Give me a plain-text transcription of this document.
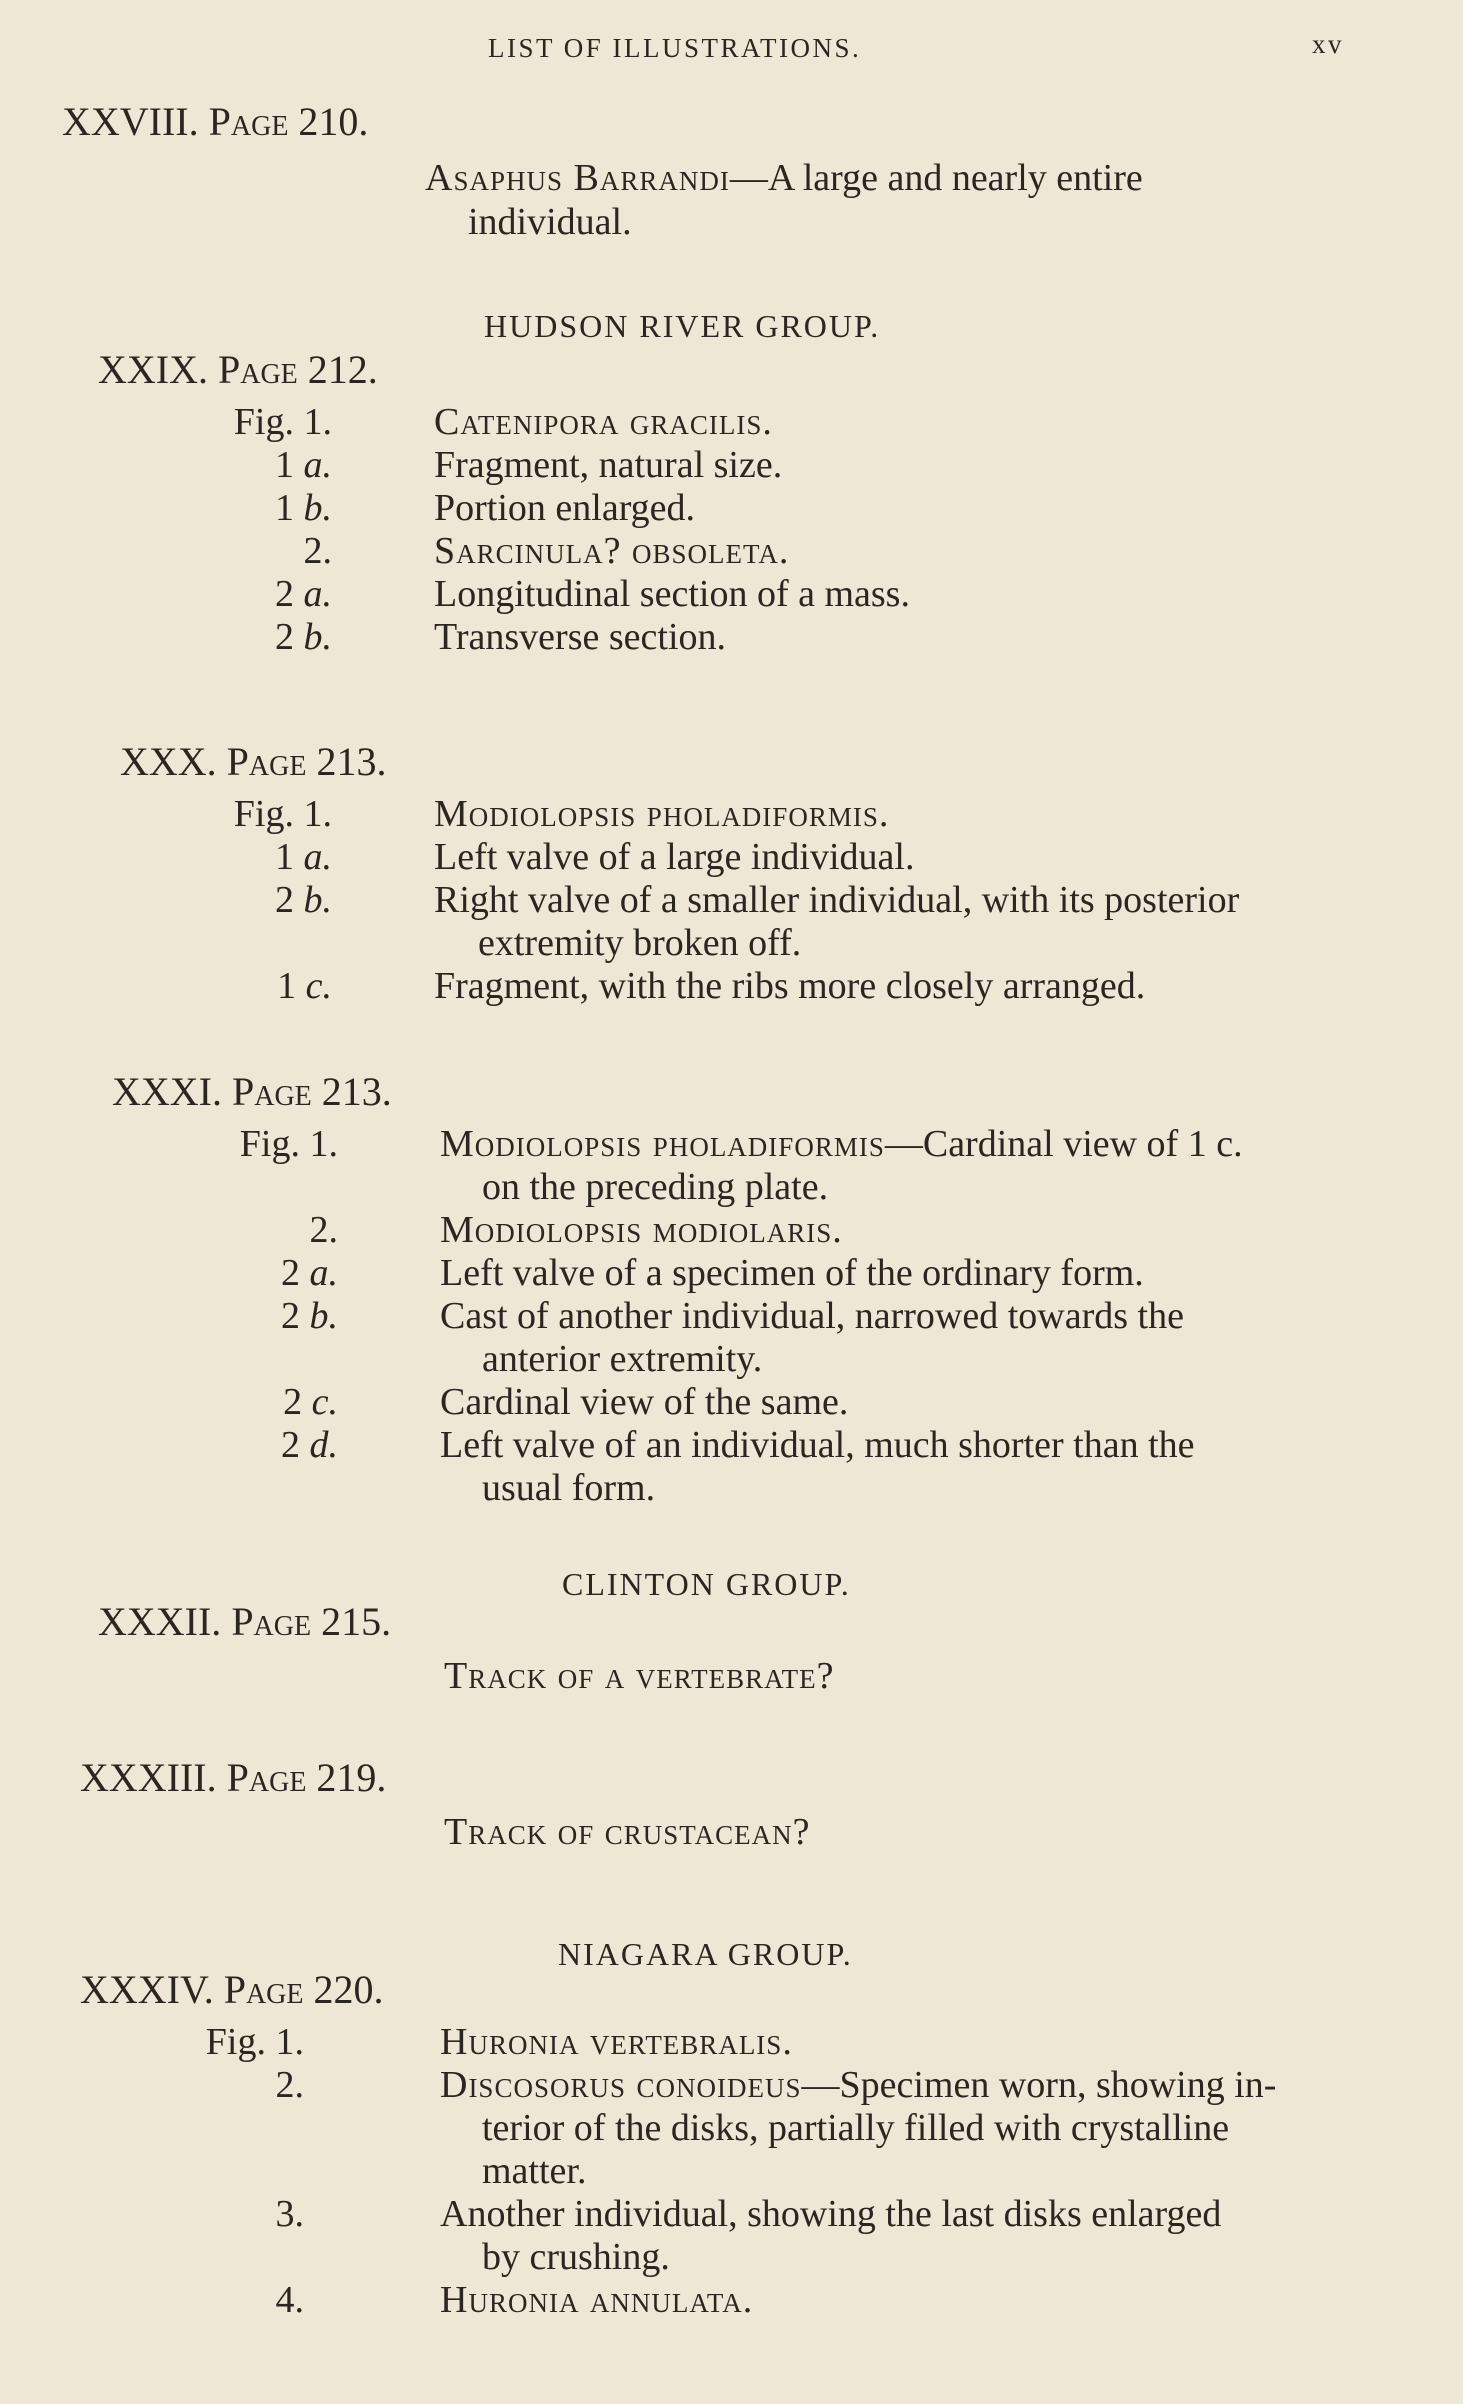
LIST OF ILLUSTRATIONS.	xv
XXVIII. Page 210.
Asaphus Barrandi—A large and nearly entire
individual.
HUDSON RIVER GROUP.
XXIX. Page 212.
Fig. 1.	Catenipora gracilis.
1 a.	Fragment, natural size.
1 b.	Portion enlarged.
2.	Sarcinula? obsoleta.
2 a.	Longitudinal section of a mass.
2 b.	Transverse section.
XXX. Page 213.
Fig. 1.	Modiolopsis pholadiformis.
1 a.	Left valve of a large individual.
2 b.	Right valve of a smaller individual, with its posterior
extremity broken off.
1 c.	Fragment, with the ribs more closely arranged.
XXXI. Page 213.
Fig. 1.	Modiolopsis pholadiformis—Cardinal view of 1 c.
on the preceding plate.
2.	Modiolopsis modiolaris.
2 a.	Left valve of a specimen of the ordinary form.
2 b.	Cast of another individual, narrowed towards the
anterior extremity.
2 c.	Cardinal view of the same.
2 d.	Left valve of an individual, much shorter than the
usual form.
CLINTON GROUP.
XXXII. Page 215.
Track of a vertebrate?
XXXIII. Page 219.
Track of crustacean?
NIAGARA GROUP.
XXXIV. Page 220.
Fig. 1.	Huronia vertebralis.
2.	Discosorus conoideus—Specimen worn, showing in-
terior of the disks, partially filled with crystalline
matter.
3.	Another individual, showing the last disks enlarged
by crushing.
4.	Huronia annulata.
